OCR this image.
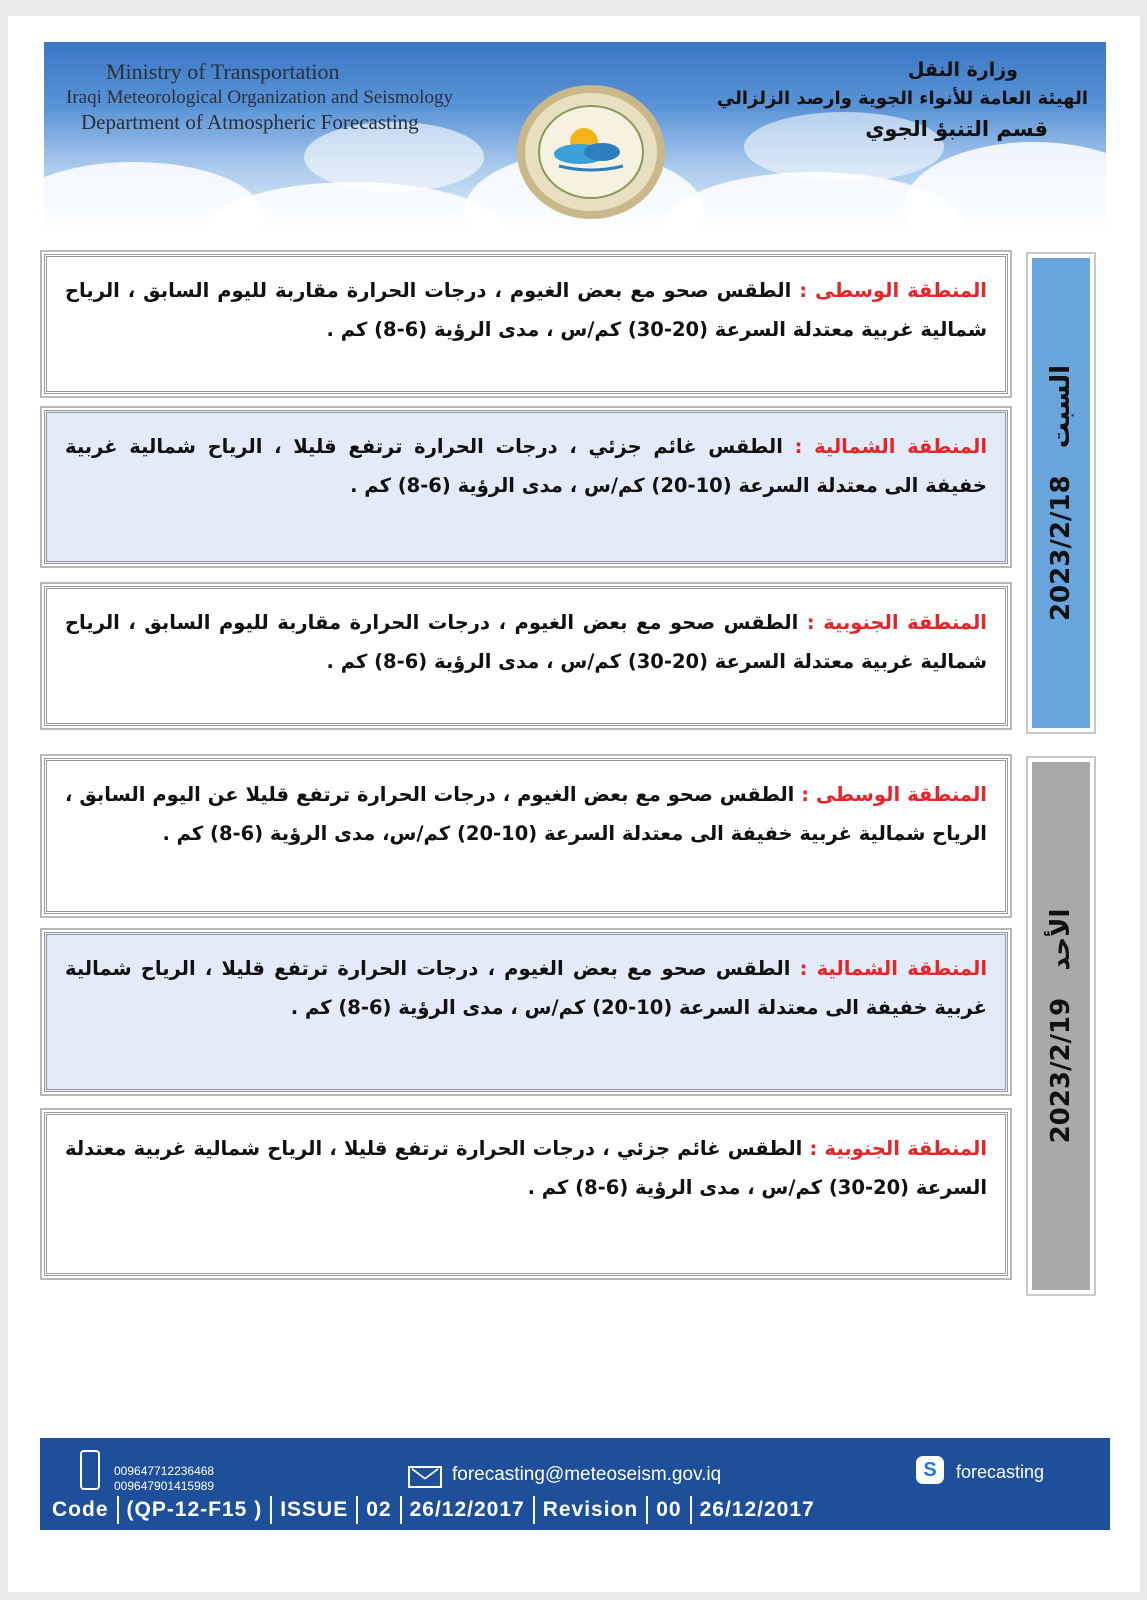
Ministry of Transportation
Iraqi Meteorological Organization and Seismology
Department of Atmospheric Forecasting
وزارة النقل
الهيئة العامة للأنواء الجوية وارصد الزلزالي
قسم التنبؤ الجوي
المنطقة الوسطى : الطقس صحو مع بعض الغيوم ، درجات الحرارة مقاربة لليوم السابق ، الرياح شمالية غربية معتدلة السرعة (20-30) كم/س ، مدى الرؤية (6-8) كم .
المنطقة الشمالية : الطقس غائم جزئي ، درجات الحرارة ترتفع قليلا ، الرياح شمالية غربية خفيفة الى معتدلة السرعة (10-20) كم/س ، مدى الرؤية (6-8) كم .
المنطقة الجنوبية : الطقس صحو مع بعض الغيوم ، درجات الحرارة مقاربة لليوم السابق ، الرياح شمالية غربية معتدلة السرعة (20-30) كم/س ، مدى الرؤية (6-8) كم .
السبت   2023/2/18
المنطقة الوسطى : الطقس صحو مع بعض الغيوم ، درجات الحرارة ترتفع قليلا عن اليوم السابق ، الرياح شمالية غربية خفيفة الى معتدلة السرعة (10-20) كم/س، مدى الرؤية (6-8) كم .
المنطقة الشمالية : الطقس صحو مع بعض الغيوم ، درجات الحرارة ترتفع قليلا ، الرياح شمالية غربية خفيفة الى معتدلة السرعة (10-20) كم/س ، مدى الرؤية (6-8) كم .
المنطقة الجنوبية : الطقس غائم جزئي ، درجات الحرارة ترتفع قليلا ، الرياح شمالية غربية معتدلة السرعة (20-30) كم/س ، مدى الرؤية (6-8) كم .
الأحد   2023/2/19
009647712236468
009647901415989
forecasting@meteoseism.gov.iq	S	forecasting
Code (QP-12-F15 ) ISSUE 02 26/12/2017 Revision 00 26/12/2017
